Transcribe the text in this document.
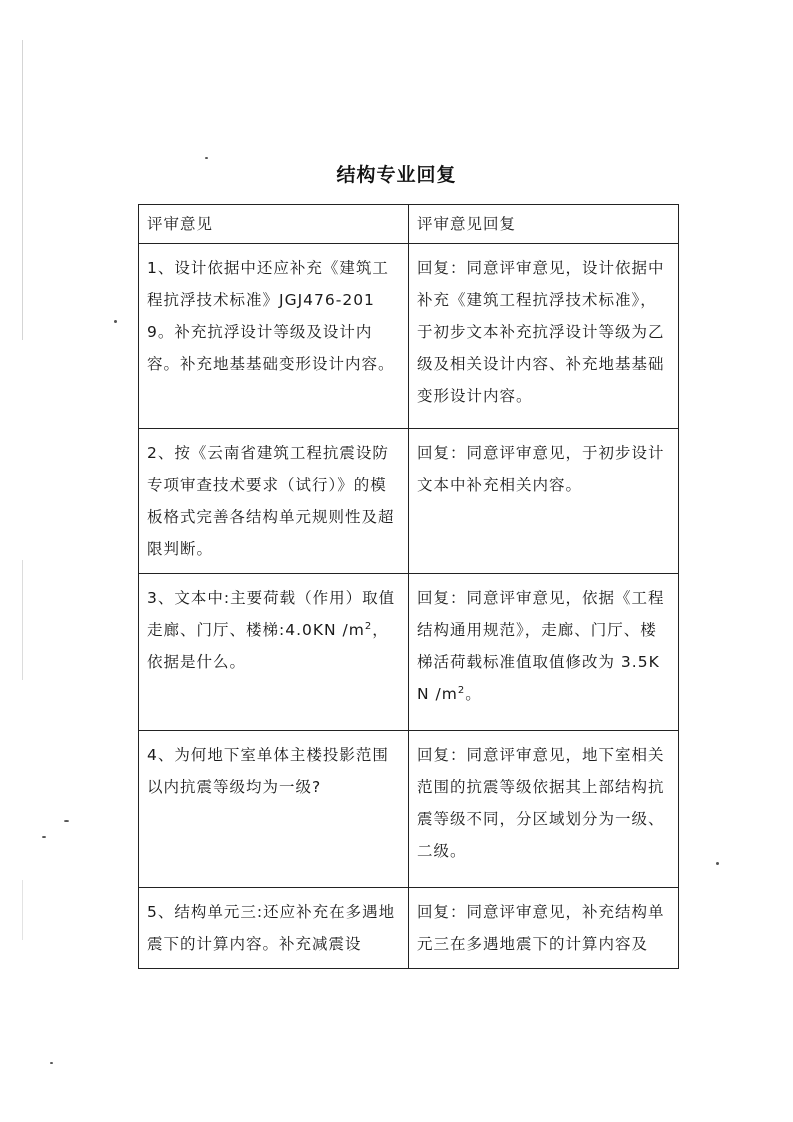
结构专业回复
评审意见	评审意见回复
1、设计依据中还应补充《建筑工程抗浮技术标准》JGJ476-2019。补充抗浮设计等级及设计内容。补充地基基础变形设计内容。	回复：同意评审意见，设计依据中补充《建筑工程抗浮技术标准》，于初步文本补充抗浮设计等级为乙级及相关设计内容、补充地基基础变形设计内容。
2、按《云南省建筑工程抗震设防专项审查技术要求（试行）》的模板格式完善各结构单元规则性及超限判断。	回复：同意评审意见，于初步设计文本中补充相关内容。
3、文本中:主要荷载（作用）取值走廊、门厅、楼梯:4.0KN $/m^2$，依据是什么。	回复：同意评审意见，依据《工程结构通用规范》，走廊、门厅、楼梯活荷载标准值取值修改为 3.5KN $/m^2$。
4、为何地下室单体主楼投影范围以内抗震等级均为一级?	回复：同意评审意见，地下室相关范围的抗震等级依据其上部结构抗震等级不同，分区域划分为一级、二级。
5、结构单元三:还应补充在多遇地震下的计算内容。补充减震设	回复：同意评审意见，补充结构单元三在多遇地震下的计算内容及
